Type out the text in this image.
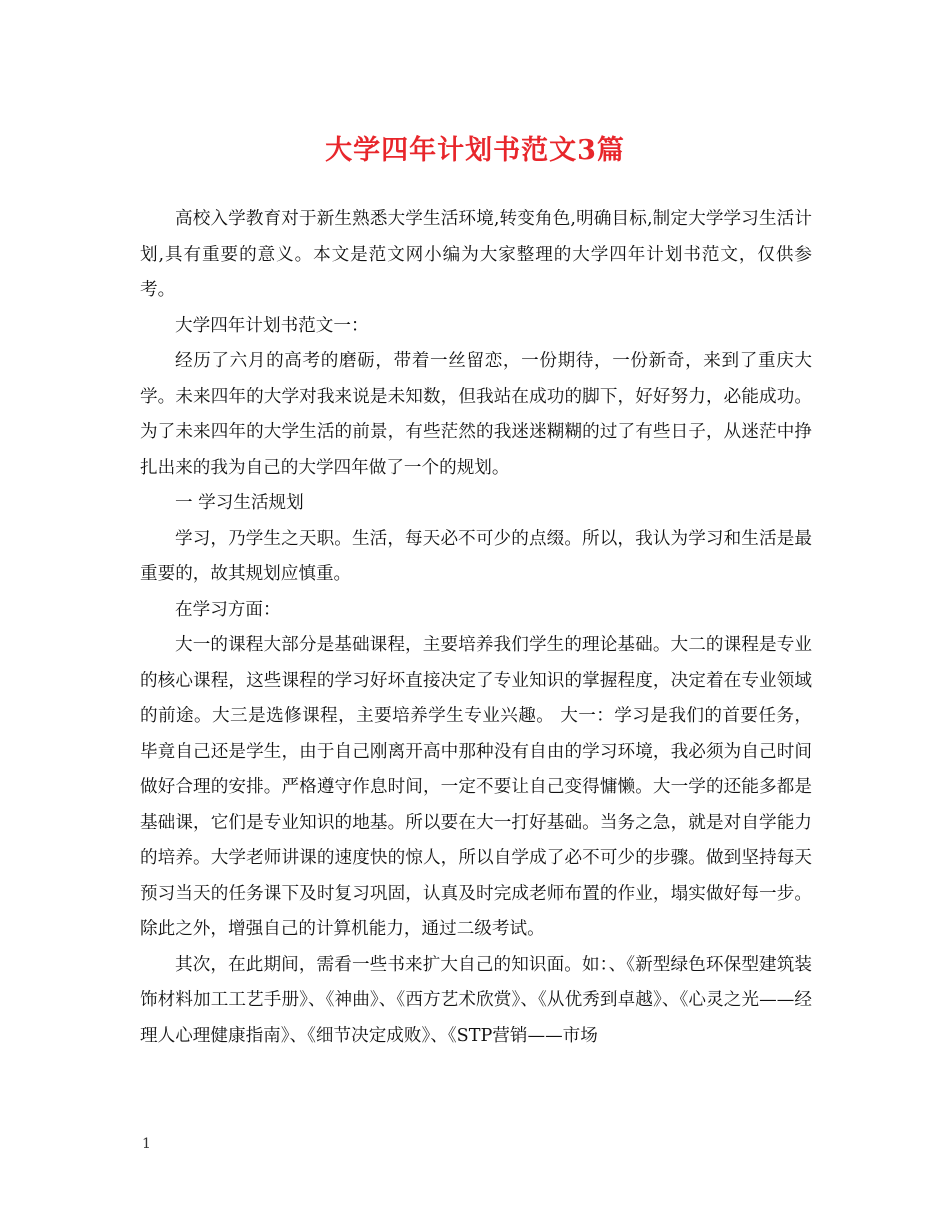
大学四年计划书范文3篇

高校入学教育对于新生熟悉大学生活环境,转变角色,明确目标,制定大学学习生活计划,具有重要的意义。本文是范文网小编为大家整理的大学四年计划书范文，仅供参考。

大学四年计划书范文一：

经历了六月的高考的磨砺，带着一丝留恋，一份期待，一份新奇，来到了重庆大学。未来四年的大学对我来说是未知数，但我站在成功的脚下，好好努力，必能成功。为了未来四年的大学生活的前景，有些茫然的我迷迷糊糊的过了有些日子，从迷茫中挣扎出来的我为自己的大学四年做了一个的规划。

一 学习生活规划

学习，乃学生之天职。生活，每天必不可少的点缀。所以，我认为学习和生活是最重要的，故其规划应慎重。

在学习方面：

大一的课程大部分是基础课程，主要培养我们学生的理论基础。大二的课程是专业的核心课程，这些课程的学习好坏直接决定了专业知识的掌握程度，决定着在专业领域的前途。大三是选修课程，主要培养学生专业兴趣。 大一：学习是我们的首要任务，毕竟自己还是学生，由于自己刚离开高中那种没有自由的学习环境，我必须为自己时间做好合理的安排。严格遵守作息时间，一定不要让自己变得慵懒。大一学的还能多都是基础课，它们是专业知识的地基。所以要在大一打好基础。当务之急，就是对自学能力的培养。大学老师讲课的速度快的惊人，所以自学成了必不可少的步骤。做到坚持每天预习当天的任务课下及时复习巩固，认真及时完成老师布置的作业，塌实做好每一步。除此之外，增强自己的计算机能力，通过二级考试。

其次，在此期间，需看一些书来扩大自己的知识面。如：、《新型绿色环保型建筑装饰材料加工工艺手册》、《神曲》、《西方艺术欣赏》、《从优秀到卓越》、《心灵之光——经理人心理健康指南》、《细节决定成败》、《STP营销——市场

1
